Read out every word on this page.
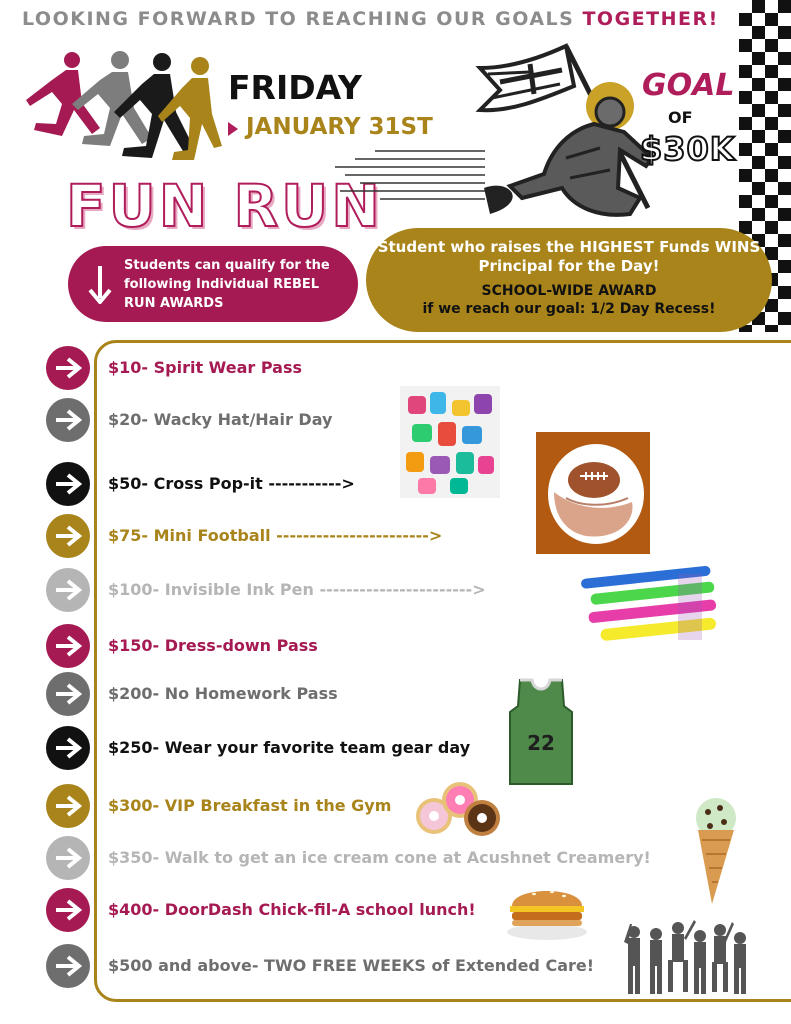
LOOKING FORWARD TO REACHING OUR GOALS TOGETHER!
FRIDAY
JANUARY 31ST
FUN RUN
GOAL
OF
$30K
Students can qualify for the following Individual REBEL RUN AWARDS
Student who raises the HIGHEST Funds WINS Principal for the Day!
SCHOOL-WIDE AWARD
if we reach our goal: 1/2 Day Recess!
$10- Spirit Wear Pass
$20- Wacky Hat/Hair Day
$50- Cross Pop-it ----------->
$75- Mini Football ----------------------->
$100- Invisible Ink Pen ----------------------->
$150- Dress-down Pass
$200- No Homework Pass
$250- Wear your favorite team gear day
$300- VIP Breakfast in the Gym
$350- Walk to get an ice cream cone at Acushnet Creamery!
$400- DoorDash Chick-fil-A school lunch!
$500 and above- TWO FREE WEEKS of Extended Care!
22
